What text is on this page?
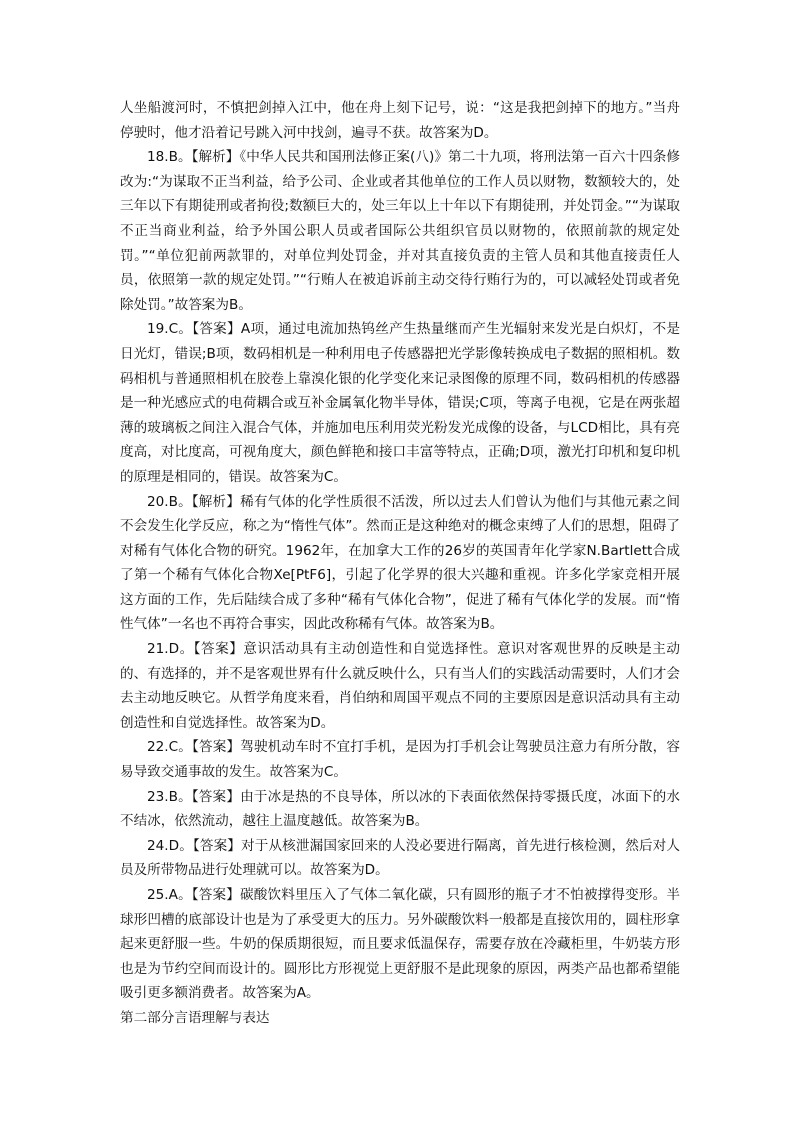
人坐船渡河时，不慎把剑掉入江中，他在舟上刻下记号，说：“这是我把剑掉下的地方。”当舟停驶时，他才沿着记号跳入河中找剑，遍寻不获。故答案为D。

18.B。【解析】《中华人民共和国刑法修正案(八)》第二十九项，将刑法第一百六十四条修改为:“为谋取不正当利益，给予公司、企业或者其他单位的工作人员以财物，数额较大的，处三年以下有期徒刑或者拘役;数额巨大的，处三年以上十年以下有期徒刑，并处罚金。”“为谋取不正当商业利益，给予外国公职人员或者国际公共组织官员以财物的，依照前款的规定处罚。”“单位犯前两款罪的，对单位判处罚金，并对其直接负责的主管人员和其他直接责任人员，依照第一款的规定处罚。”“行贿人在被追诉前主动交待行贿行为的，可以减轻处罚或者免除处罚。”故答案为B。

19.C。【答案】A项，通过电流加热钨丝产生热量继而产生光辐射来发光是白炽灯，不是日光灯，错误;B项，数码相机是一种利用电子传感器把光学影像转换成电子数据的照相机。数码相机与普通照相机在胶卷上靠溴化银的化学变化来记录图像的原理不同，数码相机的传感器是一种光感应式的电荷耦合或互补金属氧化物半导体，错误;C项，等离子电视，它是在两张超薄的玻璃板之间注入混合气体，并施加电压利用荧光粉发光成像的设备，与LCD相比，具有亮度高，对比度高，可视角度大，颜色鲜艳和接口丰富等特点，正确;D项，激光打印机和复印机的原理是相同的，错误。故答案为C。

20.B。【解析】稀有气体的化学性质很不活泼，所以过去人们曾认为他们与其他元素之间不会发生化学反应，称之为“惰性气体”。然而正是这种绝对的概念束缚了人们的思想，阻碍了对稀有气体化合物的研究。1962年，在加拿大工作的26岁的英国青年化学家N.Bartlett合成了第一个稀有气体化合物Xe[PtF6]，引起了化学界的很大兴趣和重视。许多化学家竞相开展这方面的工作，先后陆续合成了多种“稀有气体化合物”，促进了稀有气体化学的发展。而“惰性气体”一名也不再符合事实，因此改称稀有气体。故答案为B。

21.D。【答案】意识活动具有主动创造性和自觉选择性。意识对客观世界的反映是主动的、有选择的，并不是客观世界有什么就反映什么，只有当人们的实践活动需要时，人们才会去主动地反映它。从哲学角度来看，肖伯纳和周国平观点不同的主要原因是意识活动具有主动创造性和自觉选择性。故答案为D。

22.C。【答案】驾驶机动车时不宜打手机，是因为打手机会让驾驶员注意力有所分散，容易导致交通事故的发生。故答案为C。

23.B。【答案】由于冰是热的不良导体，所以冰的下表面依然保持零摄氏度，冰面下的水不结冰，依然流动，越往上温度越低。故答案为B。

24.D。【答案】对于从核泄漏国家回来的人没必要进行隔离，首先进行核检测，然后对人员及所带物品进行处理就可以。故答案为D。

25.A。【答案】碳酸饮料里压入了气体二氧化碳，只有圆形的瓶子才不怕被撑得变形。半球形凹槽的底部设计也是为了承受更大的压力。另外碳酸饮料一般都是直接饮用的，圆柱形拿起来更舒服一些。牛奶的保质期很短，而且要求低温保存，需要存放在冷藏柜里，牛奶装方形也是为节约空间而设计的。圆形比方形视觉上更舒服不是此现象的原因，两类产品也都希望能吸引更多额消费者。故答案为A。

第二部分言语理解与表达
